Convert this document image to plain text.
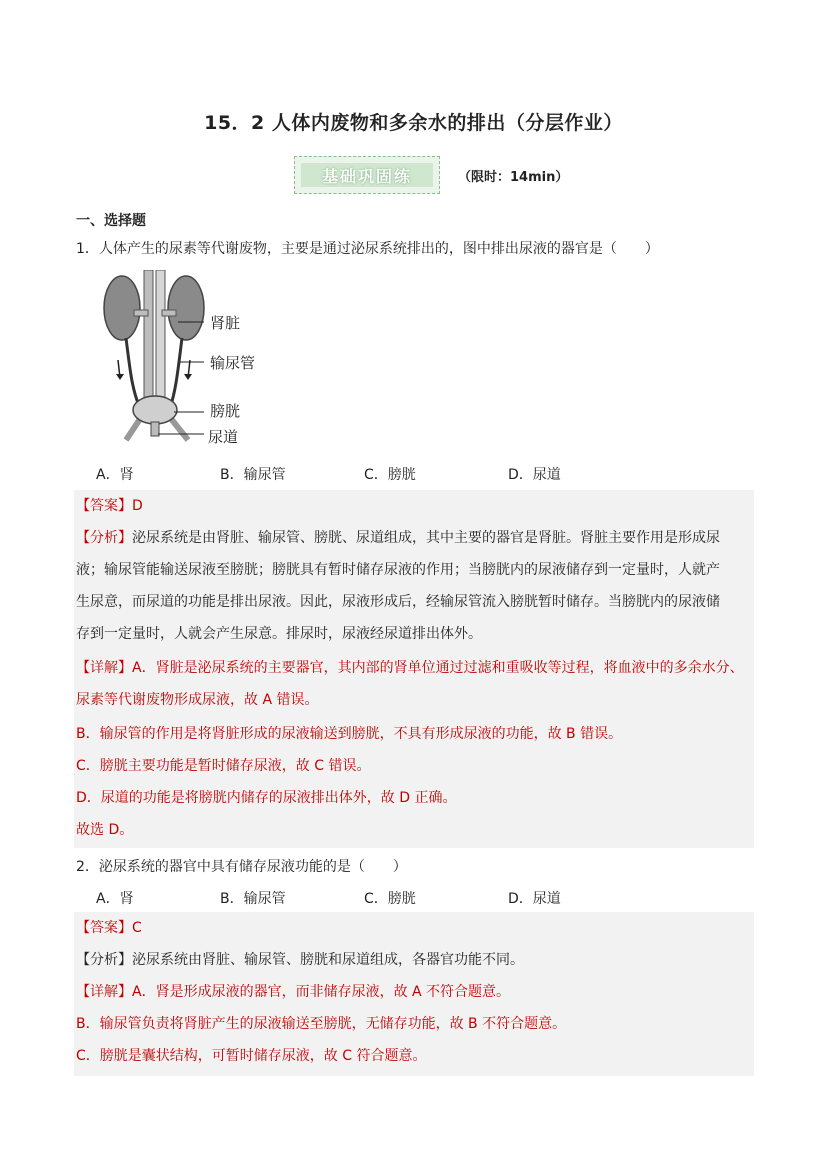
15．2 人体内废物和多余水的排出（分层作业）
基础巩固练	（限时：14min）
一、选择题
1．人体产生的尿素等代谢废物，主要是通过泌尿系统排出的，图中排出尿液的器官是（　　）
肾脏
输尿管
膀胱
尿道
A．肾	B．输尿管	C．膀胱	D．尿道
【答案】D
【分析】泌尿系统是由肾脏、输尿管、膀胱、尿道组成，其中主要的器官是肾脏。肾脏主要作用是形成尿
液；输尿管能输送尿液至膀胱；膀胱具有暂时储存尿液的作用；当膀胱内的尿液储存到一定量时，人就产
生尿意，而尿道的功能是排出尿液。因此，尿液形成后，经输尿管流入膀胱暂时储存。当膀胱内的尿液储
存到一定量时，人就会产生尿意。排尿时，尿液经尿道排出体外。
【详解】A．肾脏是泌尿系统的主要器官，其内部的肾单位通过过滤和重吸收等过程，将血液中的多余水分、
尿素等代谢废物形成尿液，故 A 错误。
B．输尿管的作用是将肾脏形成的尿液输送到膀胱，不具有形成尿液的功能，故 B 错误。
C．膀胱主要功能是暂时储存尿液，故 C 错误。
D．尿道的功能是将膀胱内储存的尿液排出体外，故 D 正确。
故选 D。
2．泌尿系统的器官中具有储存尿液功能的是（　　）
A．肾	B．输尿管	C．膀胱	D．尿道
【答案】C
【分析】泌尿系统由肾脏、输尿管、膀胱和尿道组成，各器官功能不同。
【详解】A．肾是形成尿液的器官，而非储存尿液，故 A 不符合题意。
B．输尿管负责将肾脏产生的尿液输送至膀胱，无储存功能，故 B 不符合题意。
C．膀胱是囊状结构，可暂时储存尿液，故 C 符合题意。
